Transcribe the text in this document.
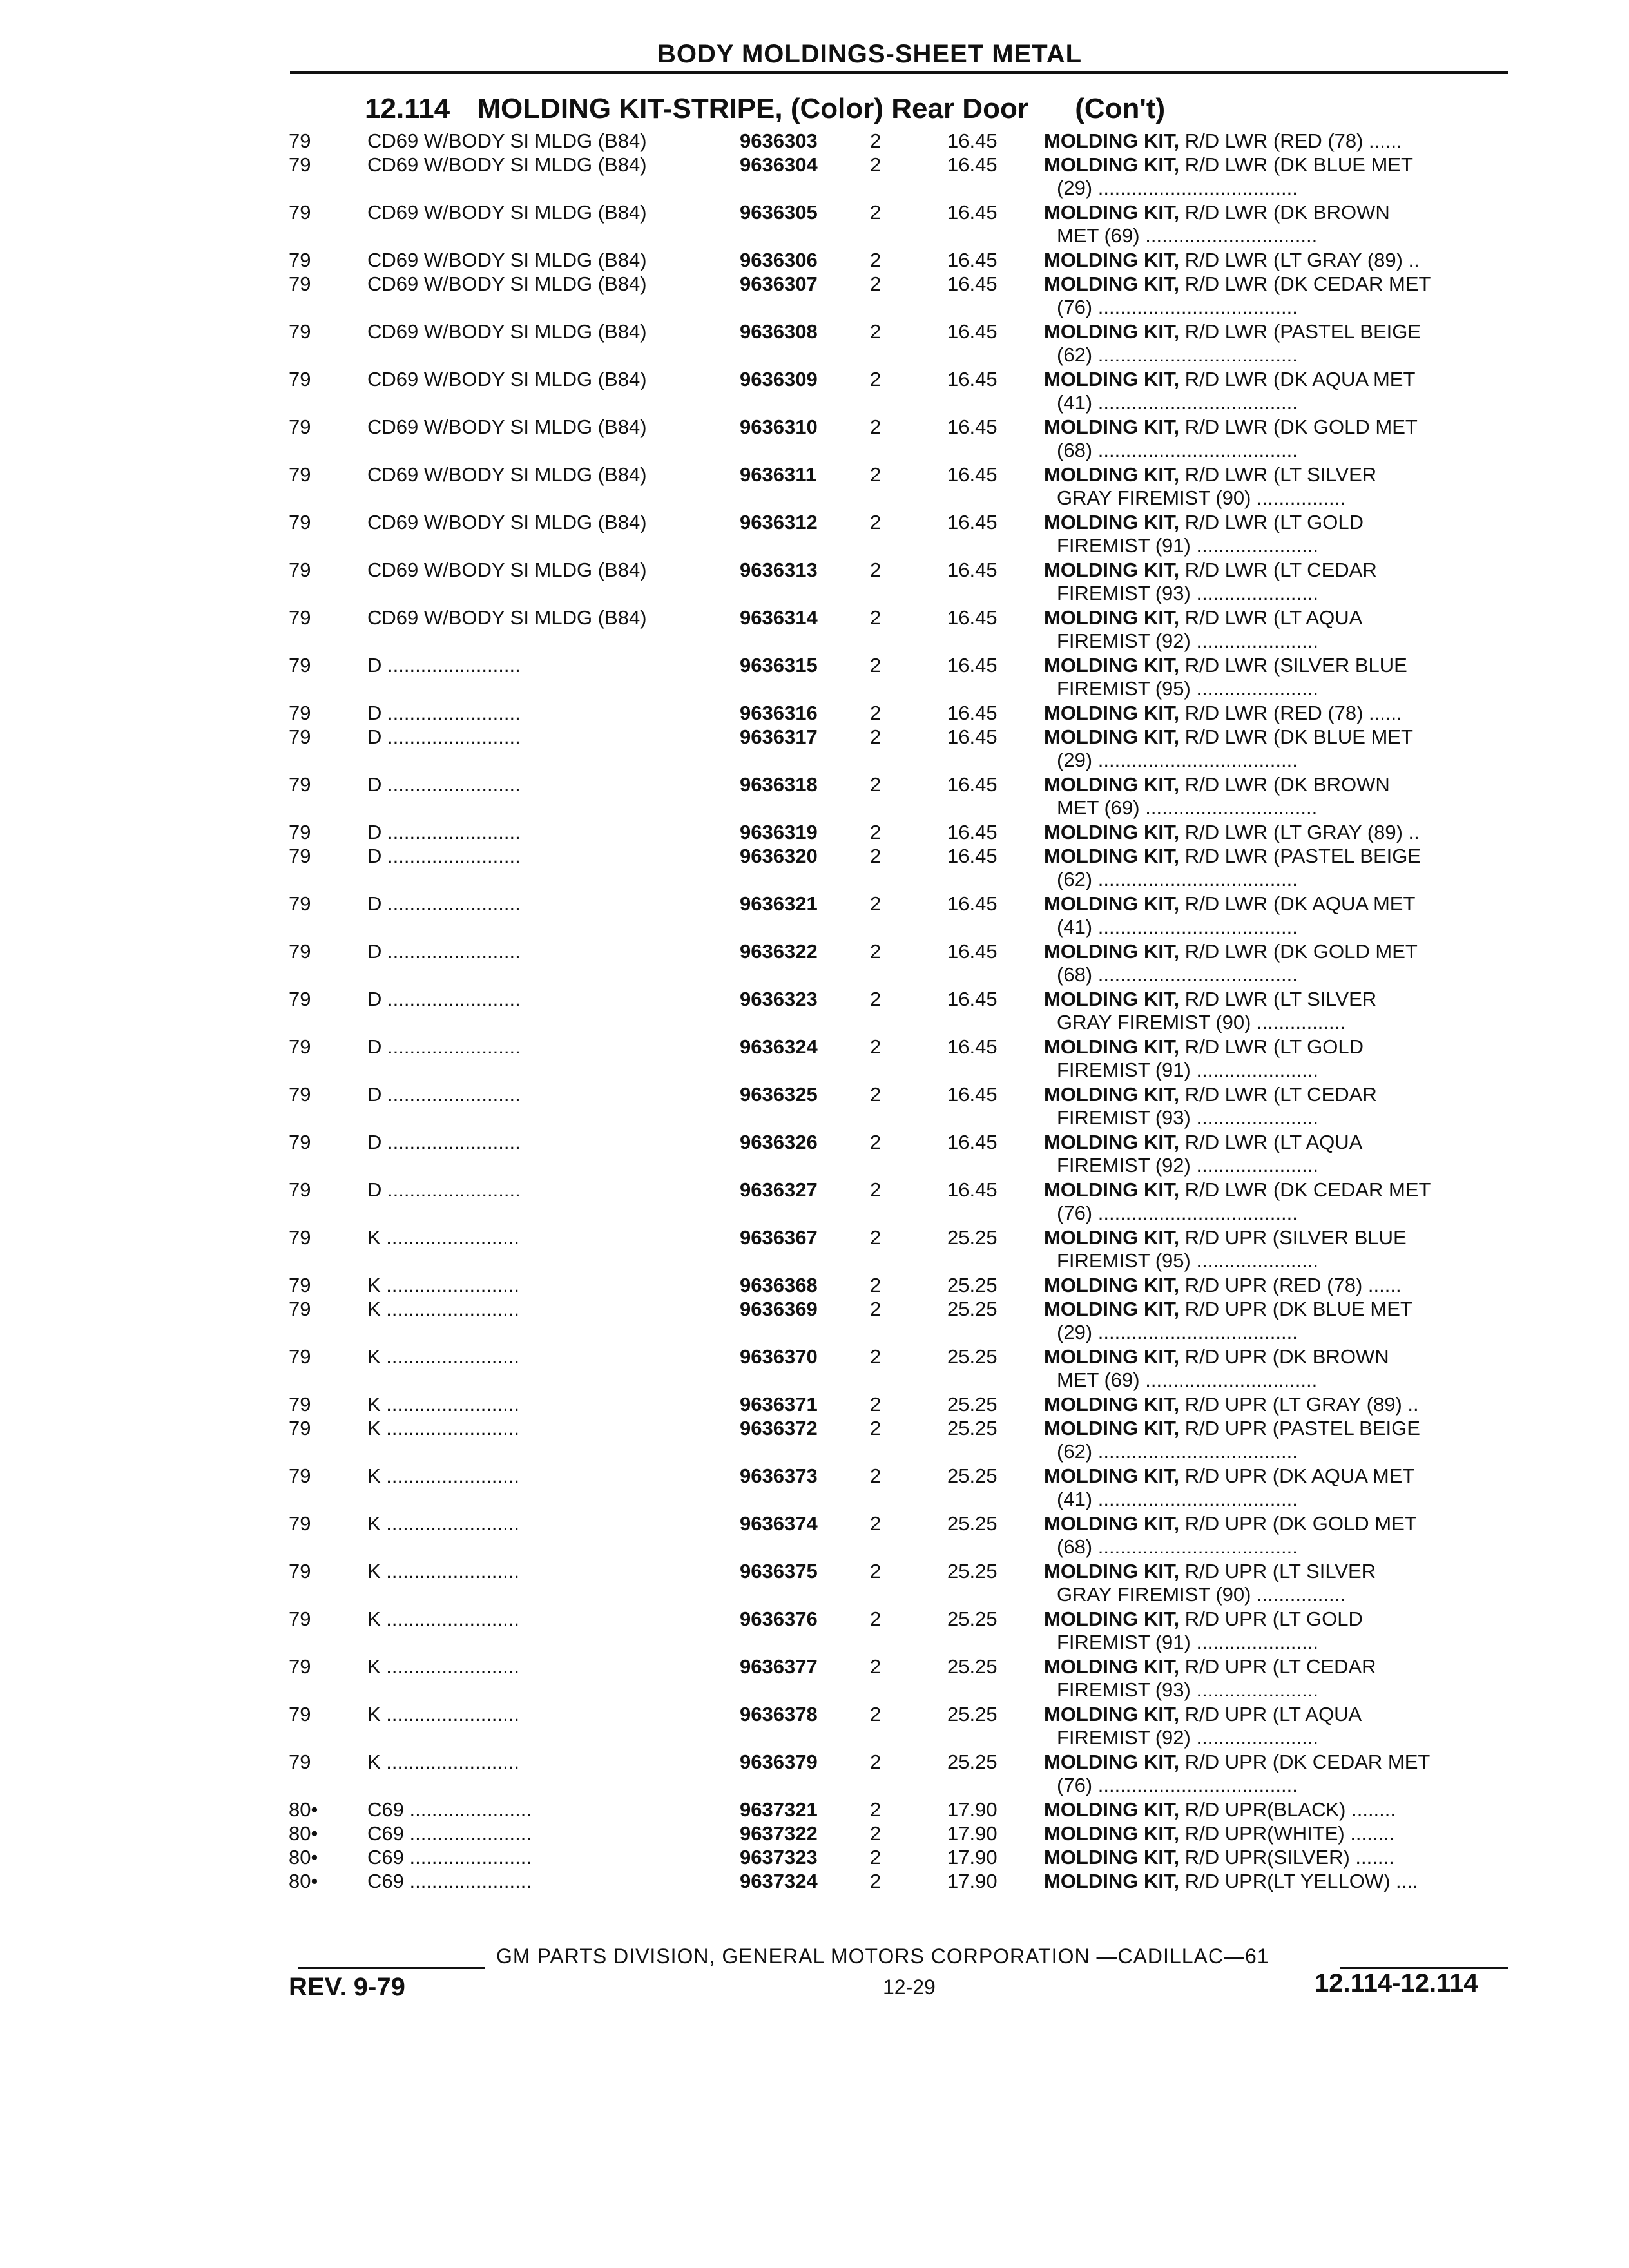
BODY MOLDINGS-SHEET METAL
12.114 MOLDING KIT-STRIPE, (Color) Rear Door (Con't)
79	CD69 W/BODY SI MLDG (B84)	9636303	2	16.45	MOLDING KIT, R/D LWR (RED (78) ......
79	CD69 W/BODY SI MLDG (B84)	9636304	2	16.45	MOLDING KIT, R/D LWR (DK BLUE MET
(29) ....................................
79	CD69 W/BODY SI MLDG (B84)	9636305	2	16.45	MOLDING KIT, R/D LWR (DK BROWN
MET (69) ...............................
79	CD69 W/BODY SI MLDG (B84)	9636306	2	16.45	MOLDING KIT, R/D LWR (LT GRAY (89) ..
79	CD69 W/BODY SI MLDG (B84)	9636307	2	16.45	MOLDING KIT, R/D LWR (DK CEDAR MET
(76) ....................................
79	CD69 W/BODY SI MLDG (B84)	9636308	2	16.45	MOLDING KIT, R/D LWR (PASTEL BEIGE
(62) ....................................
79	CD69 W/BODY SI MLDG (B84)	9636309	2	16.45	MOLDING KIT, R/D LWR (DK AQUA MET
(41) ....................................
79	CD69 W/BODY SI MLDG (B84)	9636310	2	16.45	MOLDING KIT, R/D LWR (DK GOLD MET
(68) ....................................
79	CD69 W/BODY SI MLDG (B84)	9636311	2	16.45	MOLDING KIT, R/D LWR (LT SILVER
GRAY FIREMIST (90) ................
79	CD69 W/BODY SI MLDG (B84)	9636312	2	16.45	MOLDING KIT, R/D LWR (LT GOLD
FIREMIST (91) ......................
79	CD69 W/BODY SI MLDG (B84)	9636313	2	16.45	MOLDING KIT, R/D LWR (LT CEDAR
FIREMIST (93) ......................
79	CD69 W/BODY SI MLDG (B84)	9636314	2	16.45	MOLDING KIT, R/D LWR (LT AQUA
FIREMIST (92) ......................
79	D ........................	9636315	2	16.45	MOLDING KIT, R/D LWR (SILVER BLUE
FIREMIST (95) ......................
79	D ........................	9636316	2	16.45	MOLDING KIT, R/D LWR (RED (78) ......
79	D ........................	9636317	2	16.45	MOLDING KIT, R/D LWR (DK BLUE MET
(29) ....................................
79	D ........................	9636318	2	16.45	MOLDING KIT, R/D LWR (DK BROWN
MET (69) ...............................
79	D ........................	9636319	2	16.45	MOLDING KIT, R/D LWR (LT GRAY (89) ..
79	D ........................	9636320	2	16.45	MOLDING KIT, R/D LWR (PASTEL BEIGE
(62) ....................................
79	D ........................	9636321	2	16.45	MOLDING KIT, R/D LWR (DK AQUA MET
(41) ....................................
79	D ........................	9636322	2	16.45	MOLDING KIT, R/D LWR (DK GOLD MET
(68) ....................................
79	D ........................	9636323	2	16.45	MOLDING KIT, R/D LWR (LT SILVER
GRAY FIREMIST (90) ................
79	D ........................	9636324	2	16.45	MOLDING KIT, R/D LWR (LT GOLD
FIREMIST (91) ......................
79	D ........................	9636325	2	16.45	MOLDING KIT, R/D LWR (LT CEDAR
FIREMIST (93) ......................
79	D ........................	9636326	2	16.45	MOLDING KIT, R/D LWR (LT AQUA
FIREMIST (92) ......................
79	D ........................	9636327	2	16.45	MOLDING KIT, R/D LWR (DK CEDAR MET
(76) ....................................
79	K ........................	9636367	2	25.25	MOLDING KIT, R/D UPR (SILVER BLUE
FIREMIST (95) ......................
79	K ........................	9636368	2	25.25	MOLDING KIT, R/D UPR (RED (78) ......
79	K ........................	9636369	2	25.25	MOLDING KIT, R/D UPR (DK BLUE MET
(29) ....................................
79	K ........................	9636370	2	25.25	MOLDING KIT, R/D UPR (DK BROWN
MET (69) ...............................
79	K ........................	9636371	2	25.25	MOLDING KIT, R/D UPR (LT GRAY (89) ..
79	K ........................	9636372	2	25.25	MOLDING KIT, R/D UPR (PASTEL BEIGE
(62) ....................................
79	K ........................	9636373	2	25.25	MOLDING KIT, R/D UPR (DK AQUA MET
(41) ....................................
79	K ........................	9636374	2	25.25	MOLDING KIT, R/D UPR (DK GOLD MET
(68) ....................................
79	K ........................	9636375	2	25.25	MOLDING KIT, R/D UPR (LT SILVER
GRAY FIREMIST (90) ................
79	K ........................	9636376	2	25.25	MOLDING KIT, R/D UPR (LT GOLD
FIREMIST (91) ......................
79	K ........................	9636377	2	25.25	MOLDING KIT, R/D UPR (LT CEDAR
FIREMIST (93) ......................
79	K ........................	9636378	2	25.25	MOLDING KIT, R/D UPR (LT AQUA
FIREMIST (92) ......................
79	K ........................	9636379	2	25.25	MOLDING KIT, R/D UPR (DK CEDAR MET
(76) ....................................
80•	C69 ......................	9637321	2	17.90	MOLDING KIT, R/D UPR(BLACK) ........
80•	C69 ......................	9637322	2	17.90	MOLDING KIT, R/D UPR(WHITE) ........
80•	C69 ......................	9637323	2	17.90	MOLDING KIT, R/D UPR(SILVER) .......
80•	C69 ......................	9637324	2	17.90	MOLDING KIT, R/D UPR(LT YELLOW) ....
GM PARTS DIVISION, GENERAL MOTORS CORPORATION —CADILLAC—61
REV. 9-79	12-29	12.114-12.114
